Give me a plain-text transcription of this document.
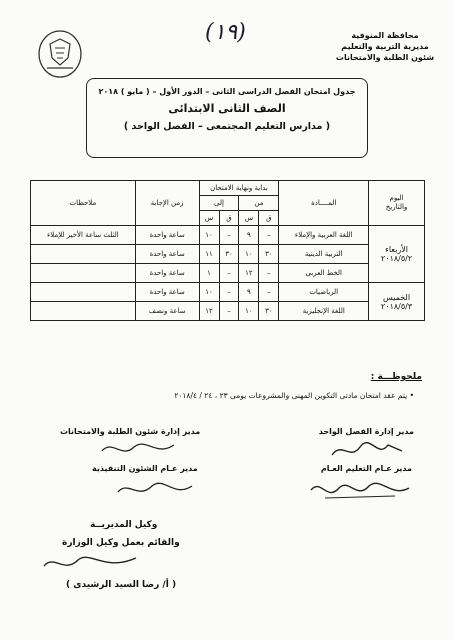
(١٩)	محافظة المنوفية
مديرية التربية والتعليم
شئون الطلبة والامتحانات
جدول امتحان الفصل الدراسى الثانى – الدور الأول – ( مايو ) ٢٠١٨
الصف الثانى الابتدائى
( مدارس التعليم المجتمعى – الفصل الواحد )
اليوم
والتاريخ	المــــادة	بداية ونهاية الامتحان				زمن الإجابة	ملاحظات
		من		إلى			
		ق	س	ق	س		

الأربعاء
٢٠١٨/٥/٢	اللغة العربية والإملاء	–	٩	–	١٠	ساعة واحدة	الثلث ساعة الأخير للإملاء
	التربية الدينية	٣٠	١٠	٣٠	١١	ساعة واحدة	
	الخط العربى	–	١٢	–	١	ساعة واحدة	

الخميس
٢٠١٨/٥/٣	الرياضيات	–	٩	–	١٠	ساعة واحدة	
	اللغة الإنجليزية	٣٠	١٠	–	١٢	ساعة ونصف	
ملحوظـــة :
• يتم عقد امتحان مادتى التكوين المهنى والمشروعات يومى ٢٣ ، ٢٤ / ٢٠١٨/٤
مدير إدارة الفصل الواحد
مدير عـام التعليم العـام
مدير إدارة شئون الطلبة والامتحانات
مدير عـام الشئون التنفيذية
وكيل المديريــة
والقائم بعمل وكيل الوزارة
( أ/ رضا السيد الرشيدى )
